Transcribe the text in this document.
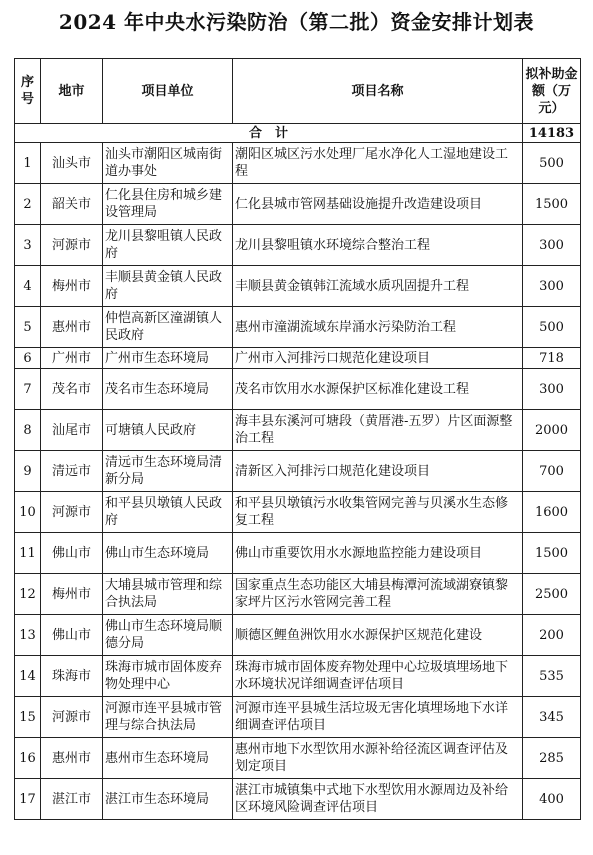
2024 年中央水污染防治（第二批）资金安排计划表
序号	地市	项目单位	项目名称	拟补助金额（万元）
合　计				14183
1	汕头市	汕头市潮阳区城南街道办事处	潮阳区城区污水处理厂尾水净化人工湿地建设工程	500
2	韶关市	仁化县住房和城乡建设管理局	仁化县城市管网基础设施提升改造建设项目	1500
3	河源市	龙川县黎咀镇人民政府	龙川县黎咀镇水环境综合整治工程	300
4	梅州市	丰顺县黄金镇人民政府	丰顺县黄金镇韩江流域水质巩固提升工程	300
5	惠州市	仲恺高新区潼湖镇人民政府	惠州市潼湖流域东岸涌水污染防治工程	500
6	广州市	广州市生态环境局	广州市入河排污口规范化建设项目	718
7	茂名市	茂名市生态环境局	茂名市饮用水水源保护区标准化建设工程	300
8	汕尾市	可塘镇人民政府	海丰县东溪河可塘段（黄厝港-五罗）片区面源整治工程	2000
9	清远市	清远市生态环境局清新分局	清新区入河排污口规范化建设项目	700
10	河源市	和平县贝墩镇人民政府	和平县贝墩镇污水收集管网完善与贝溪水生态修复工程	1600
11	佛山市	佛山市生态环境局	佛山市重要饮用水水源地监控能力建设项目	1500
12	梅州市	大埔县城市管理和综合执法局	国家重点生态功能区大埔县梅潭河流域湖寮镇黎家坪片区污水管网完善工程	2500
13	佛山市	佛山市生态环境局顺德分局	顺德区鲤鱼洲饮用水水源保护区规范化建设	200
14	珠海市	珠海市城市固体废弃物处理中心	珠海市城市固体废弃物处理中心垃圾填埋场地下水环境状况详细调查评估项目	535
15	河源市	河源市连平县城市管理与综合执法局	河源市连平县城生活垃圾无害化填埋场地下水详细调查评估项目	345
16	惠州市	惠州市生态环境局	惠州市地下水型饮用水源补给径流区调查评估及划定项目	285
17	湛江市	湛江市生态环境局	湛江市城镇集中式地下水型饮用水源周边及补给区环境风险调查评估项目	400
